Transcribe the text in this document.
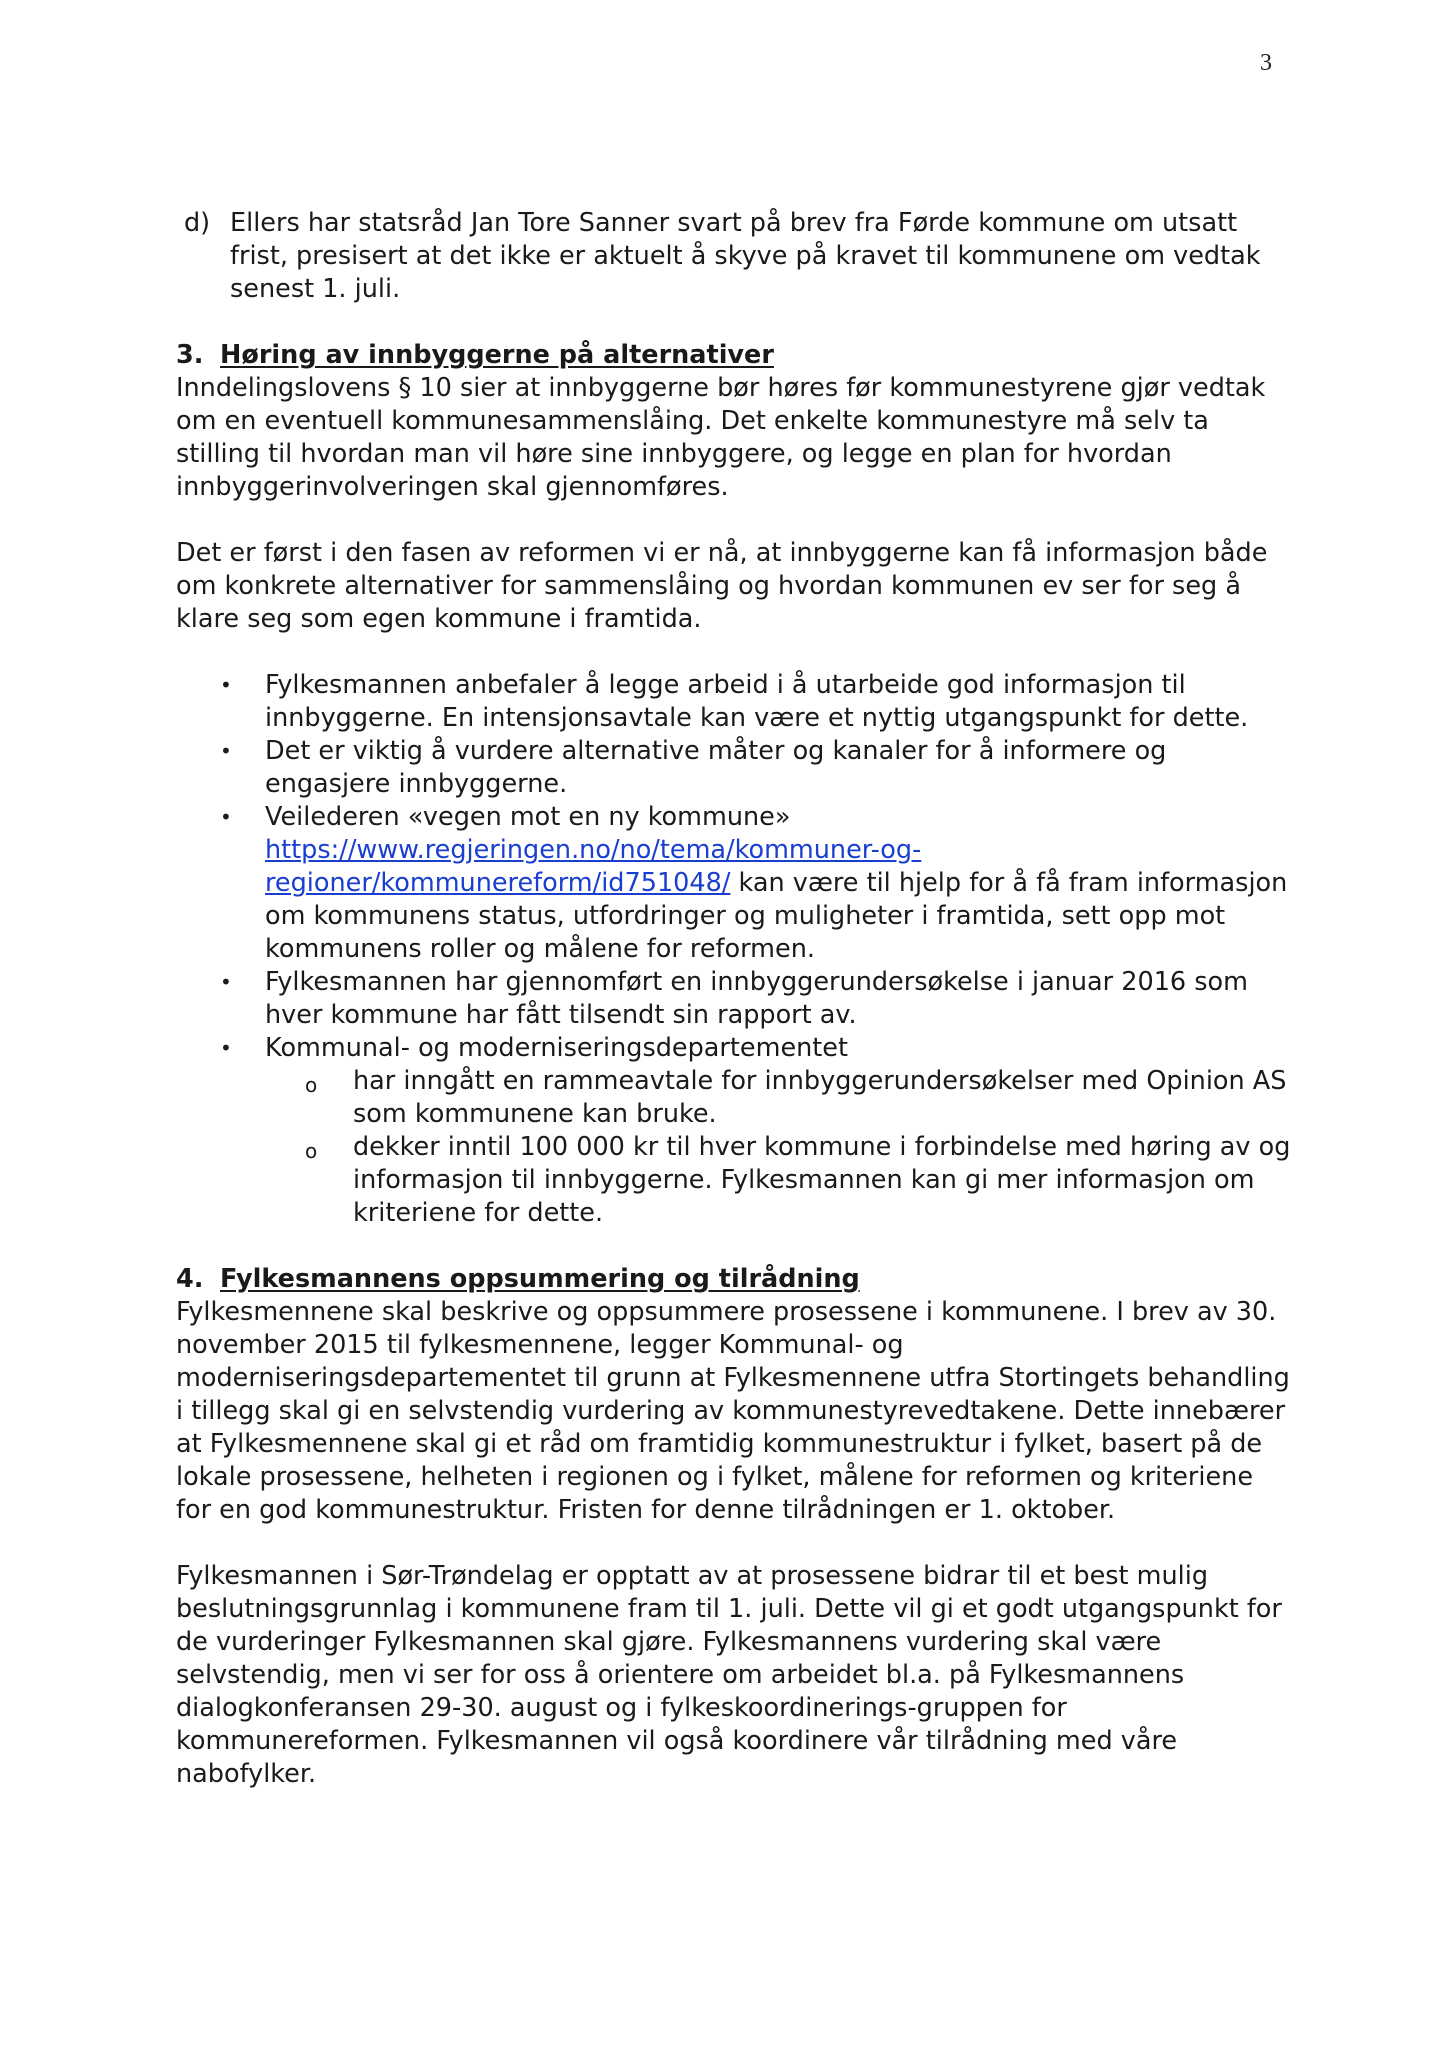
3
d) Ellers har statsråd Jan Tore Sanner svart på brev fra Førde kommune om utsatt frist, presisert at det ikke er aktuelt å skyve på kravet til kommunene om vedtak senest 1. juli.
3. Høring av innbyggerne på alternativer

Inndelingslovens § 10 sier at innbyggerne bør høres før kommunestyrene gjør vedtak om en eventuell kommunesammenslåing. Det enkelte kommunestyre må selv ta stilling til hvordan man vil høre sine innbyggere, og legge en plan for hvordan innbyggerinvolveringen skal gjennomføres.

Det er først i den fasen av reformen vi er nå, at innbyggerne kan få informasjon både om konkrete alternativer for sammenslåing og hvordan kommunen ev ser for seg å klare seg som egen kommune i framtida.

• Fylkesmannen anbefaler å legge arbeid i å utarbeide god informasjon til innbyggerne. En intensjonsavtale kan være et nyttig utgangspunkt for dette.
• Det er viktig å vurdere alternative måter og kanaler for å informere og engasjere innbyggerne.
• Veilederen «vegen mot en ny kommune»
https://www.regjeringen.no/no/tema/kommuner-og-regioner/kommunereform/id751048/ kan være til hjelp for å få fram informasjon om kommunens status, utfordringer og muligheter i framtida, sett opp mot kommunens roller og målene for reformen.
• Fylkesmannen har gjennomført en innbyggerundersøkelse i januar 2016 som hver kommune har fått tilsendt sin rapport av.
• Kommunal- og moderniseringsdepartementet
o har inngått en rammeavtale for innbyggerundersøkelser med Opinion AS som kommunene kan bruke.
o dekker inntil 100 000 kr til hver kommune i forbindelse med høring av og informasjon til innbyggerne. Fylkesmannen kan gi mer informasjon om kriteriene for dette.
4. Fylkesmannens oppsummering og tilrådning

Fylkesmennene skal beskrive og oppsummere prosessene i kommunene. I brev av 30. november 2015 til fylkesmennene, legger Kommunal- og moderniseringsdepartementet til grunn at Fylkesmennene utfra Stortingets behandling i tillegg skal gi en selvstendig vurdering av kommunestyrevedtakene. Dette innebærer at Fylkesmennene skal gi et råd om framtidig kommunestruktur i fylket, basert på de lokale prosessene, helheten i regionen og i fylket, målene for reformen og kriteriene for en god kommunestruktur. Fristen for denne tilrådningen er 1. oktober.

Fylkesmannen i Sør-Trøndelag er opptatt av at prosessene bidrar til et best mulig beslutningsgrunnlag i kommunene fram til 1. juli. Dette vil gi et godt utgangspunkt for de vurderinger Fylkesmannen skal gjøre. Fylkesmannens vurdering skal være selvstendig, men vi ser for oss å orientere om arbeidet bl.a. på Fylkesmannens dialogkonferansen 29-30. august og i fylkeskoordinerings-gruppen for kommunereformen. Fylkesmannen vil også koordinere vår tilrådning med våre nabofylker.
